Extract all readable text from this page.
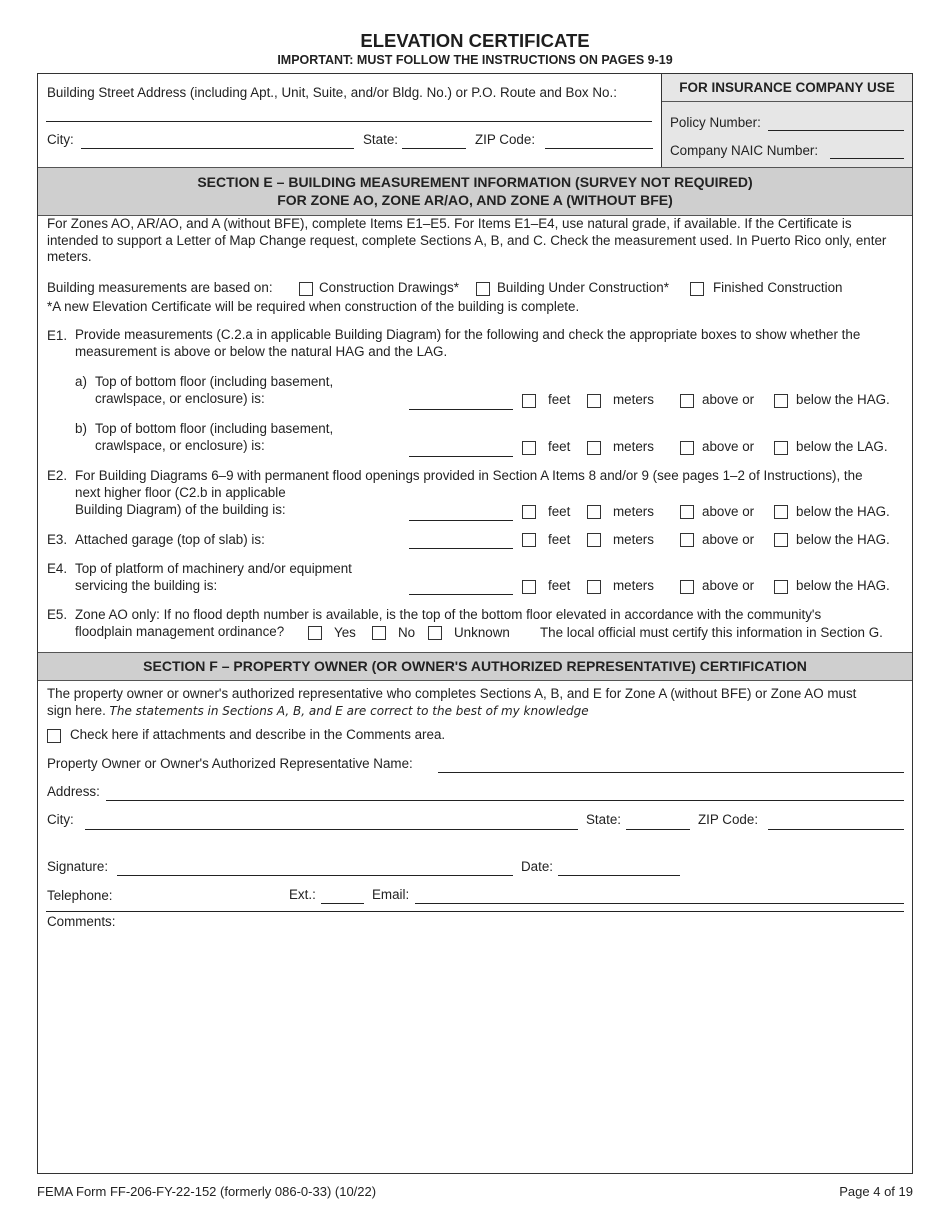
ELEVATION CERTIFICATE
IMPORTANT: MUST FOLLOW THE INSTRUCTIONS ON PAGES 9-19
FOR INSURANCE COMPANY USE
Policy Number:
Company NAIC Number:
Building Street Address (including Apt., Unit, Suite, and/or Bldg. No.) or P.O. Route and Box No.:
City:	State:	ZIP Code:
SECTION E – BUILDING MEASUREMENT INFORMATION (SURVEY NOT REQUIRED)
FOR ZONE AO, ZONE AR/AO, AND ZONE A (WITHOUT BFE)
For Zones AO, AR/AO, and A (without BFE), complete Items E1–E5. For Items E1–E4, use natural grade, if available. If the Certificate is intended to support a Letter of Map Change request, complete Sections A, B, and C. Check the measurement used. In Puerto Rico only, enter meters.
Building measurements are based on:	Construction Drawings*	Building Under Construction*	Finished Construction
*A new Elevation Certificate will be required when construction of the building is complete.
E1. Provide measurements (C.2.a in applicable Building Diagram) for the following and check the appropriate boxes to show whether the measurement is above or below the natural HAG and the LAG.
a) Top of bottom floor (including basement,
crawlspace, or enclosure) is:	feet	meters	above or	below the HAG.
b) Top of bottom floor (including basement,
crawlspace, or enclosure) is:	feet	meters	above or	below the LAG.
E2. For Building Diagrams 6–9 with permanent flood openings provided in Section A Items 8 and/or 9 (see pages 1–2 of Instructions), the
next higher floor (C2.b in applicable
Building Diagram) of the building is:	feet	meters	above or	below the HAG.
E3. Attached garage (top of slab) is:	feet	meters	above or	below the HAG.
E4. Top of platform of machinery and/or equipment
servicing the building is:	feet	meters	above or	below the HAG.
E5. Zone AO only: If no flood depth number is available, is the top of the bottom floor elevated in accordance with the community's
floodplain management ordinance?	Yes	No	Unknown The local official must certify this information in Section G.
SECTION F – PROPERTY OWNER (OR OWNER'S AUTHORIZED REPRESENTATIVE) CERTIFICATION
The property owner or owner's authorized representative who completes Sections A, B, and E for Zone A (without BFE) or Zone AO must
sign here. The statements in Sections A, B, and E are correct to the best of my knowledge
Check here if attachments and describe in the Comments area.
Property Owner or Owner's Authorized Representative Name:
Address:
City:	State:	ZIP Code:
Signature:	Date:
Telephone:	Ext.:	Email:
Comments:
FEMA Form FF-206-FY-22-152 (formerly 086-0-33) (10/22)	Page 4 of 19
